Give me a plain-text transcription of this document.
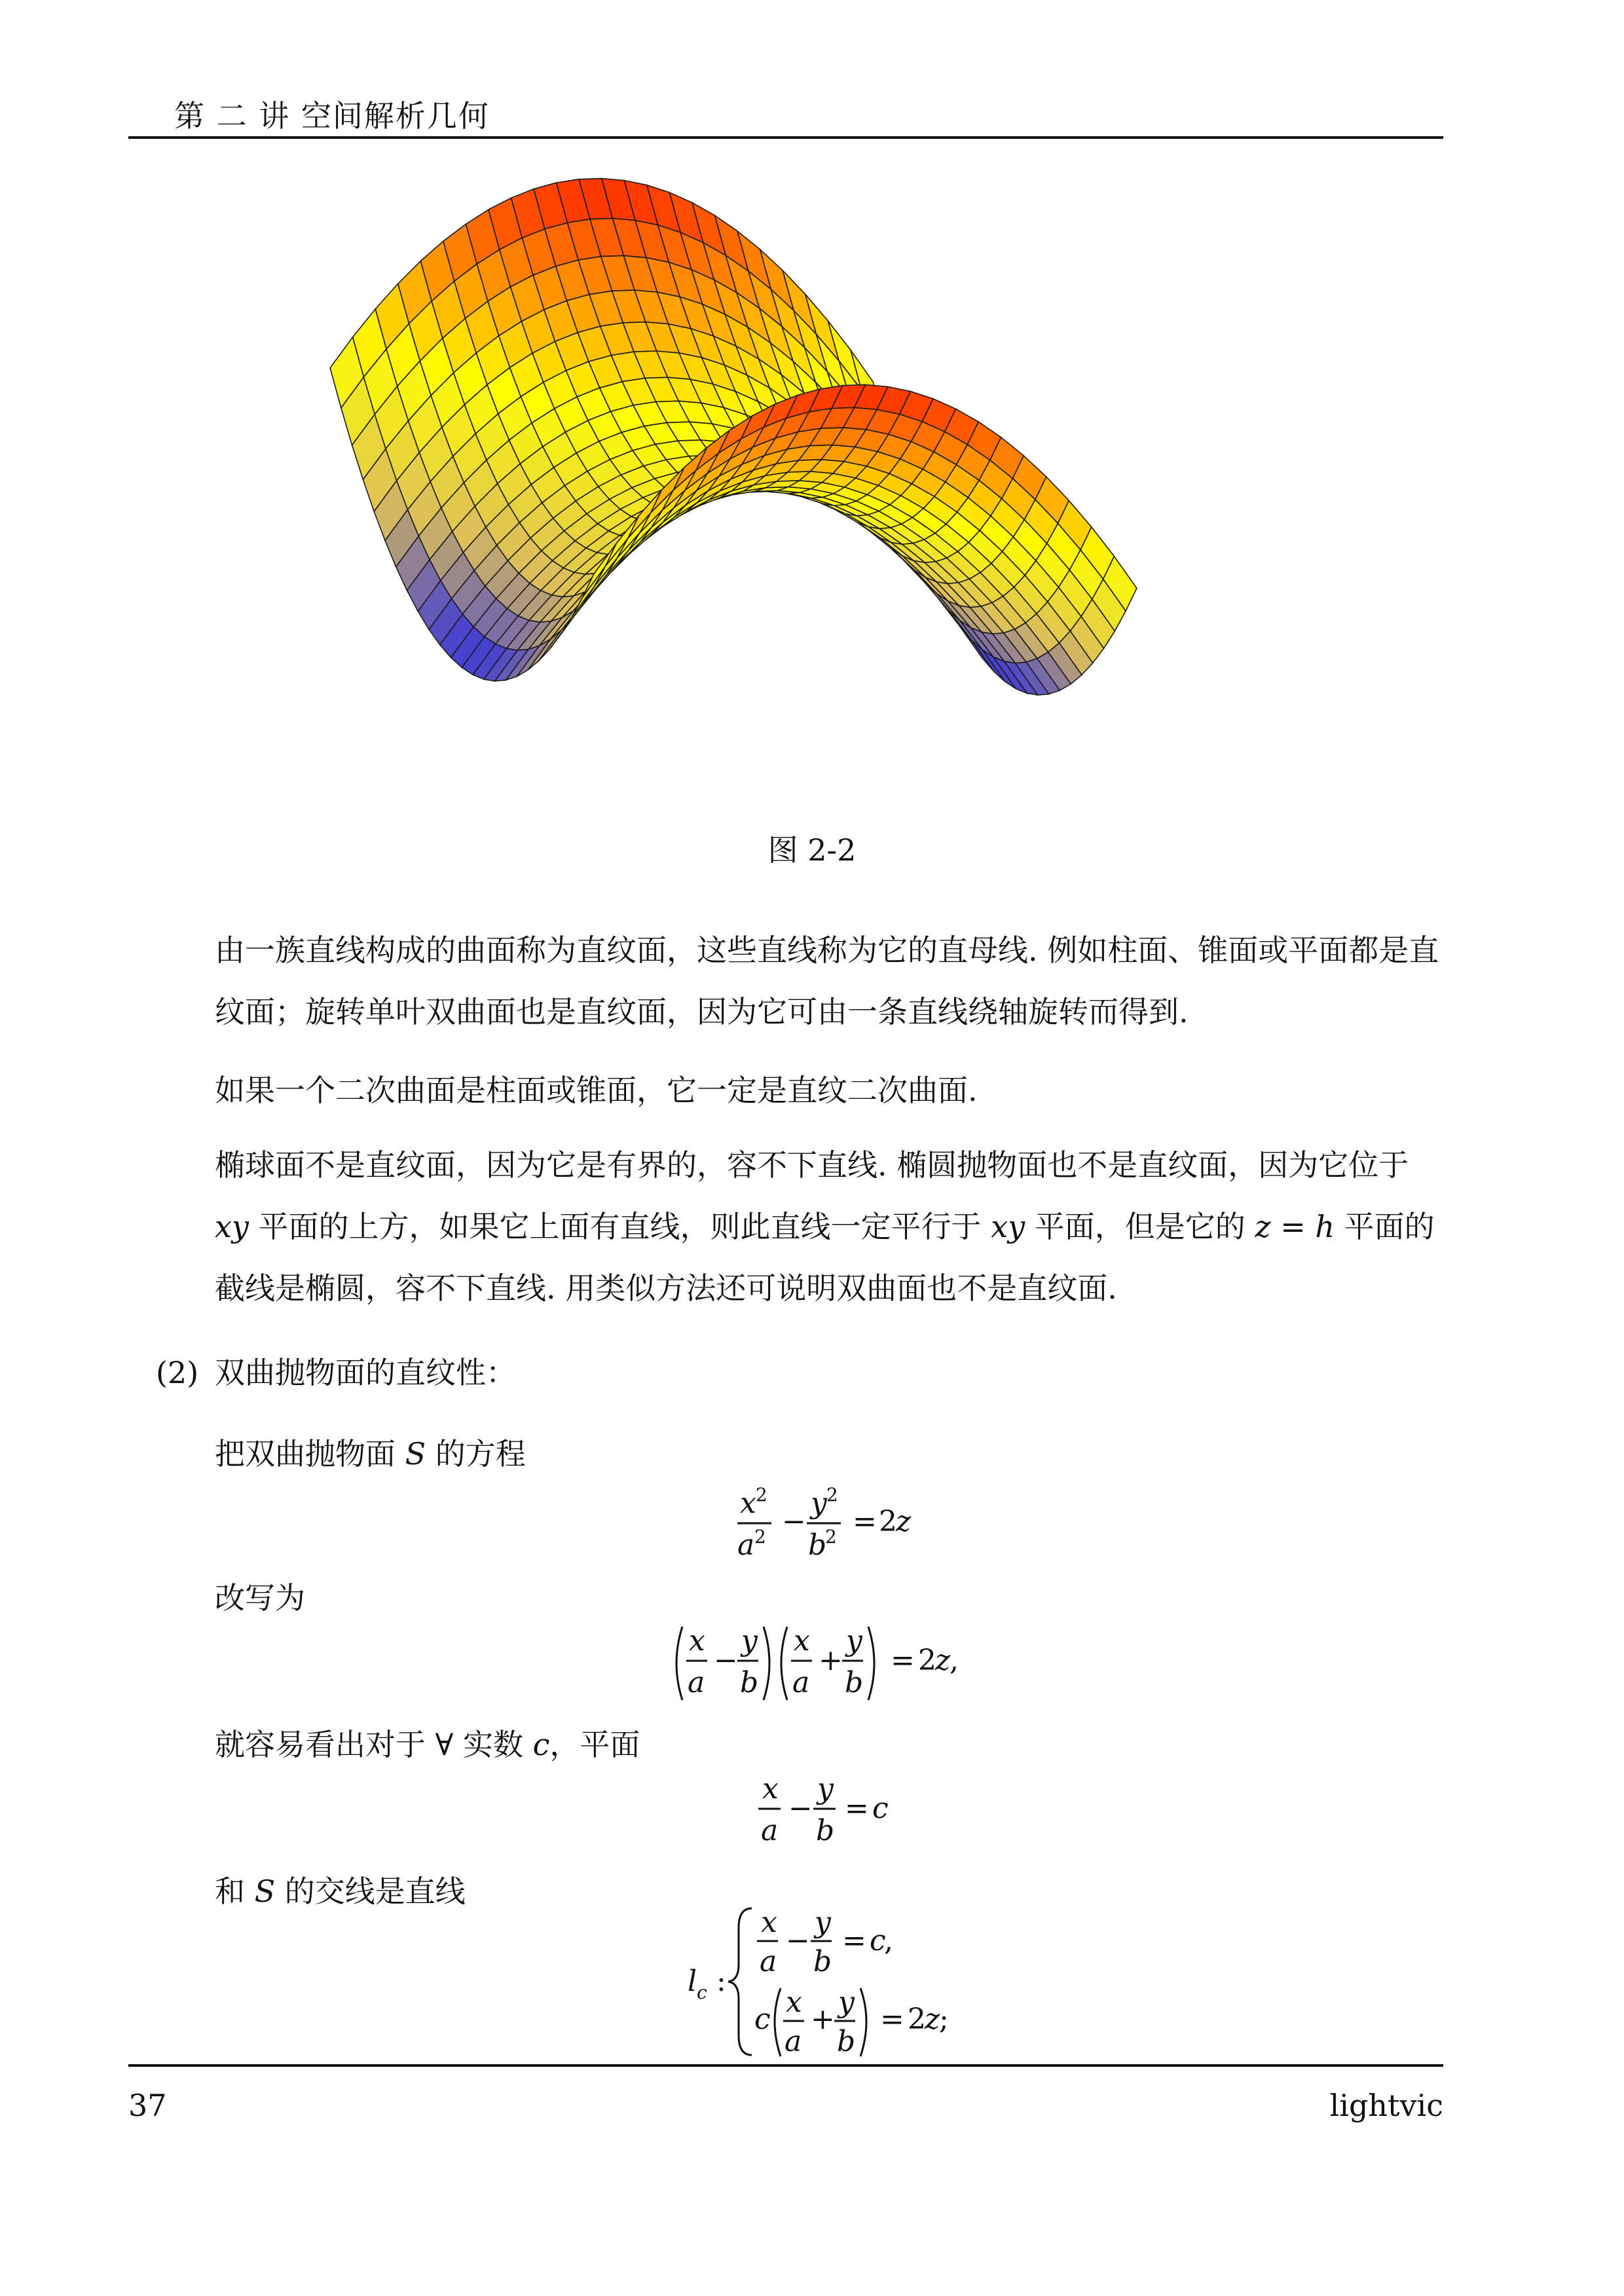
第 二 讲 空间解析几何
图 2-2
由一族直线构成的曲面称为直纹面，这些直线称为它的直母线. 例如柱面、锥面或平面都是直纹面；旋转单叶双曲面也是直纹面，因为它可由一条直线绕轴旋转而得到.
如果一个二次曲面是柱面或锥面，它一定是直纹二次曲面.
椭球面不是直纹面，因为它是有界的，容不下直线. 椭圆抛物面也不是直纹面，因为它位于 xy 平面的上方，如果它上面有直线，则此直线一定平行于 xy 平面，但是它的 z = h 平面的截线是椭圆，容不下直线. 用类似方法还可说明双曲面也不是直纹面.
(2) 双曲抛物面的直纹性：
把双曲抛物面 S 的方程
x 2
a 2 −
y 2
b
2 = 2
z
改写为
x
a
−
y
b
x
a
+
y
b
= 2
z
,
就容易看出对于 ∀ 实数 c，平面
x
a
−
y
b
= c
和 S 的交线是直线
l c :
x
a
−
y
b
= c
,
c
x
a
+
y
b
= 2
z
;
37	lightvic
